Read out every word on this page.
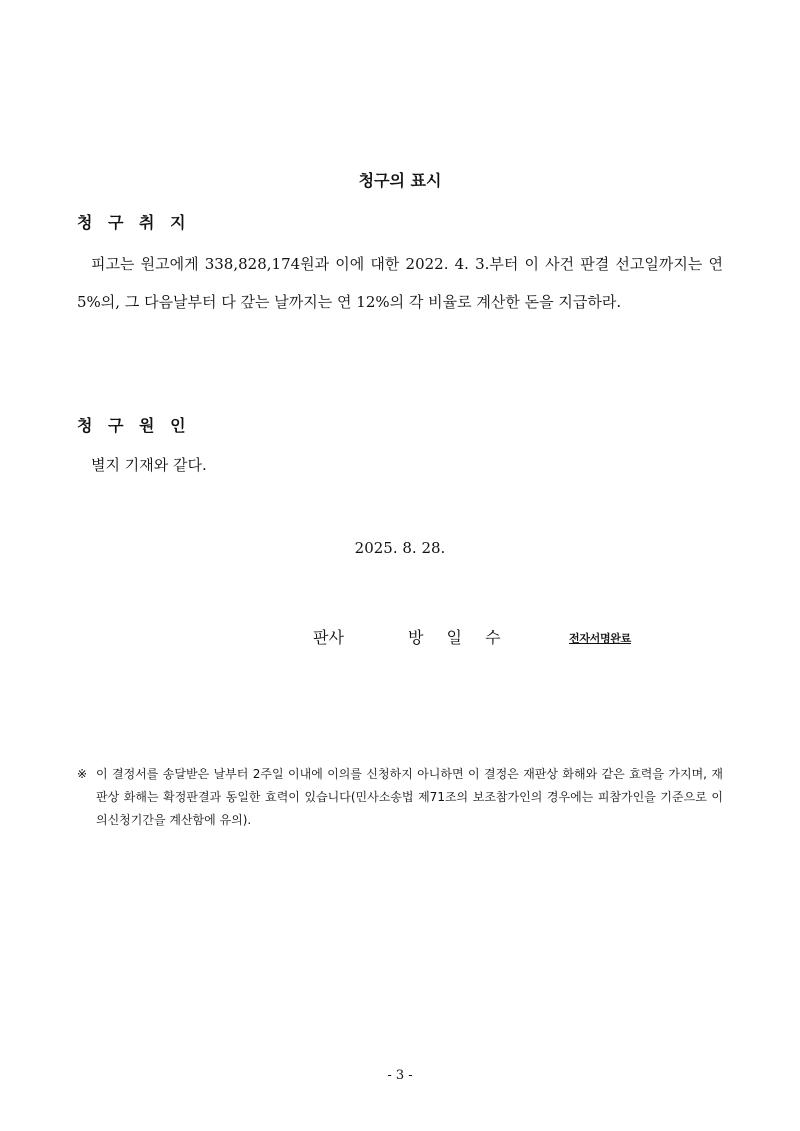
청구의 표시
청 구 취 지
피고는 원고에게 338,828,174원과 이에 대한 2022. 4. 3.부터 이 사건 판결 선고일까지는 연 5%의, 그 다음날부터 다 갚는 날까지는 연 12%의 각 비율로 계산한 돈을 지급하라.
청 구 원 인
별지 기재와 같다.
2025. 8. 28.
판사	방 일 수	전자서명완료
※ 이 결정서를 송달받은 날부터 2주일 이내에 이의를 신청하지 아니하면 이 결정은 재판상 화해와 같은 효력을 가지며, 재판상 화해는 확정판결과 동일한 효력이 있습니다(민사소송법 제71조의 보조참가인의 경우에는 피참가인을 기준으로 이의신청기간을 계산함에 유의).
- 3 -
